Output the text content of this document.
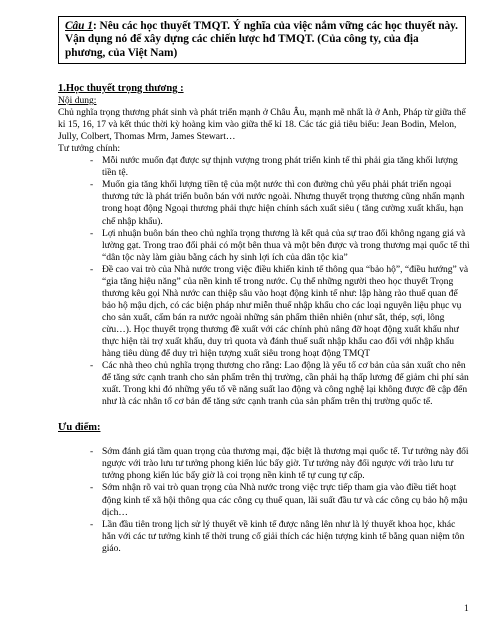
Câu 1: Nêu các học thuyết TMQT. Ý nghĩa của việc nắm vững các học thuyết này. Vận dụng nó để xây dựng các chiến lược hđ TMQT. (Của công ty, của địa phương, của Việt Nam)

1.Học thuyết trọng thương :

Nội dung:

Chủ nghĩa trọng thương phát sinh và phát triển mạnh ở Châu Âu, mạnh mẽ nhất là ở Anh, Pháp từ giữa thế kỉ 15, 16, 17 và kết thúc thời kỳ hoàng kim vào giữa thế kỉ 18. Các tác giả tiêu biểu: Jean Bodin, Melon, Jully, Colbert, Thomas Mrm, James Stewart…

Tư tưởng chính:

- Mỗi nước muốn đạt được sự thịnh vượng trong phát triển kinh tế thì phải gia tăng khối lượng tiền tệ.
- Muốn gia tăng khối lượng tiền tệ của một nước thì con đường chủ yếu phải phát triển ngoại thương tức là phát triển buôn bán với nước ngoài. Nhưng thuyết trọng thương cũng nhấn mạnh trong hoạt động Ngoại thương phải thực hiện chính sách xuất siêu ( tăng cường xuất khẩu, hạn chế nhập khẩu).
- Lợi nhuận buôn bán theo chủ nghĩa trọng thương là kết quả của sự trao đổi không ngang giá và lường gạt. Trong trao đổi phải có một bên thua và một bên được và trong thương mại quốc tế thì “dân tộc này làm giàu bằng cách hy sinh lợi ích của dân tộc kia”
- Đề cao vai trò của Nhà nước trong việc điều khiển kinh tế thông qua “bảo hộ”, “điều hướng” và “gia tăng hiệu năng” của nền kinh tế trong nước. Cụ thể những người theo học thuyết Trọng thương kêu gọi Nhà nước can thiệp sâu vào hoạt động kinh tế như: lập hàng rào thuế quan để bảo hộ mậu dịch, có các biện pháp như miễn thuế nhập khẩu cho các loại nguyên liệu phục vụ cho sản xuất, cấm bán ra nước ngoài những sản phẩm thiên nhiên (như sắt, thép, sợi, lông cừu…). Học thuyết trọng thương đề xuất với các chính phủ nâng đỡ hoạt động xuất khẩu như thực hiện tài trợ xuất khẩu, duy trì quota và đánh thuế suất nhập khẩu cao đối với nhập khẩu hàng tiêu dùng để duy trì hiện tượng xuất siêu trong hoạt động TMQT
- Các nhà theo chủ nghĩa trọng thương cho rằng: Lao động là yếu tố cơ bản của sản xuất cho nên để tăng sức cạnh tranh cho sản phẩm trên thị trường, cần phải hạ thấp lương để giảm chi phí sản xuất. Trong khi đó những yếu tố về năng suất lao động và công nghệ lại không được đề cập đến như là các nhân tố cơ bản để tăng sức cạnh tranh của sản phẩm trên thị trường quốc tế.

Ưu điểm:

- Sớm đánh giá tầm quan trọng của thương mại, đặc biệt là thương mại quốc tế. Tư tưởng này đối ngược với trào lưu tư tưởng phong kiến lúc bấy giờ. Tư tưởng này đối ngược với trào lưu tư tưởng phong kiến lúc bấy giờ là coi trọng nền kinh tế tự cung tự cấp.
- Sớm nhận rõ vai trò quan trọng của Nhà nước trong việc trực tiếp tham gia vào điều tiết hoạt động kinh tế xã hội thông qua các công cụ thuế quan, lãi suất đầu tư và các công cụ bảo hộ mậu dịch…
- Lần đầu tiên trong lịch sử lý thuyết về kinh tế được nâng lên như là lý thuyết khoa học, khác hẳn với các tư tưởng kinh tế thời trung cổ giải thích các hiện tượng kinh tế bằng quan niệm tôn giáo.
1
